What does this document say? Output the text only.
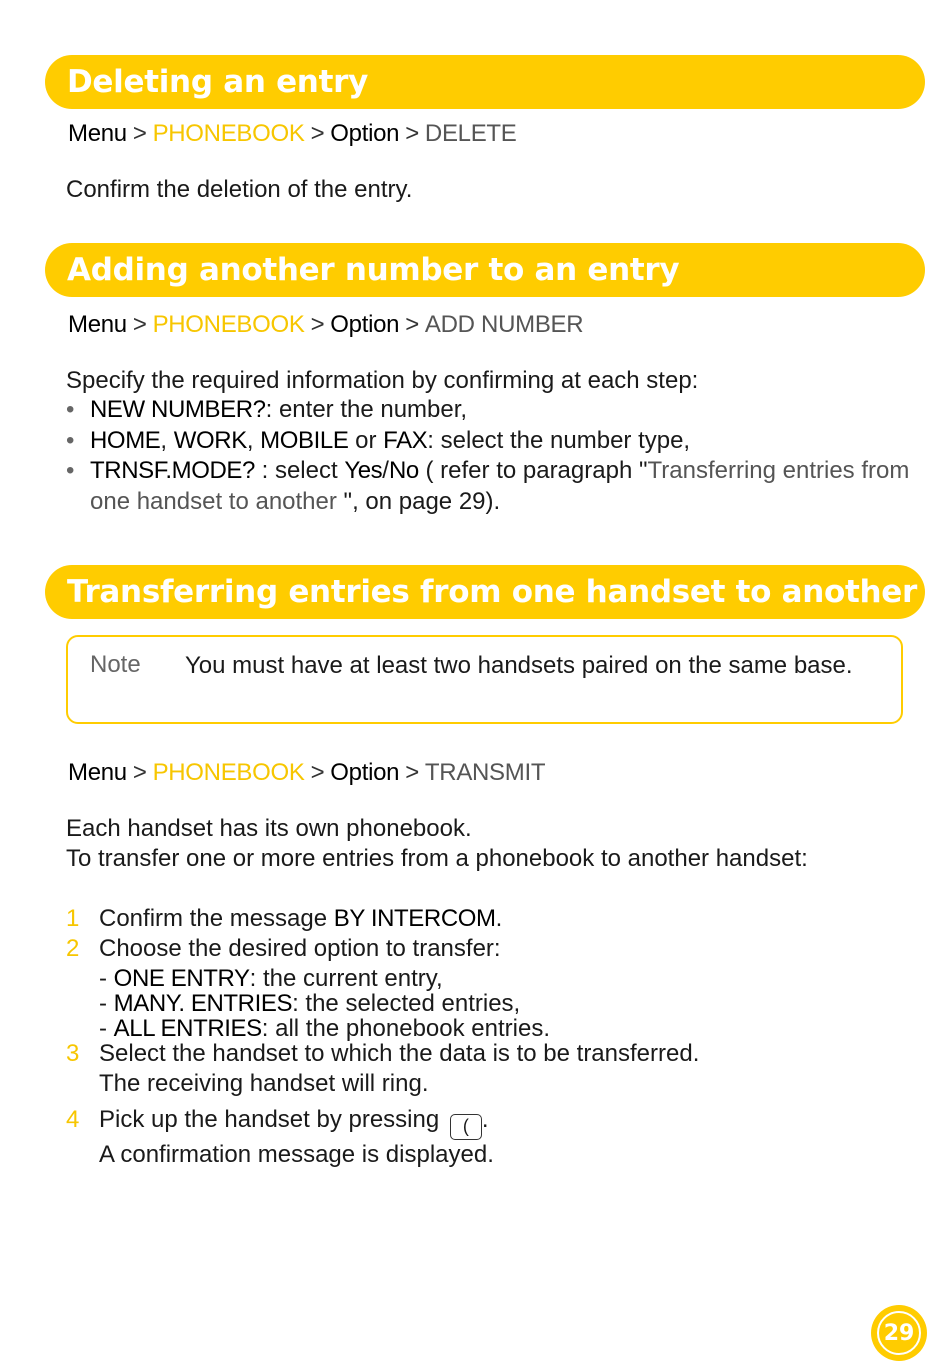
Deleting an entry
Menu > PHONEBOOK > Option > DELETE
Confirm the deletion of the entry.
Adding another number to an entry
Menu > PHONEBOOK > Option > ADD NUMBER
Specify the required information by confirming at each step:
• NEW NUMBER?: enter the number,
• HOME, WORK, MOBILE or FAX: select the number type,
• TRNSF.MODE? : select Yes/No ( refer to paragraph "Transferring entries from one handset to another ", on page 29).
Transferring entries from one handset to another
Note You must have at least two handsets paired on the same base.
Menu > PHONEBOOK > Option > TRANSMIT
Each handset has its own phonebook.
To transfer one or more entries from a phonebook to another handset:
1 Confirm the message BY INTERCOM.
2 Choose the desired option to transfer:
- ONE ENTRY: the current entry,
- MANY. ENTRIES: the selected entries,
- ALL ENTRIES: all the phonebook entries.
3 Select the handset to which the data is to be transferred.
The receiving handset will ring.
4 Pick up the handset by pressing ( .
A confirmation message is displayed.
29
